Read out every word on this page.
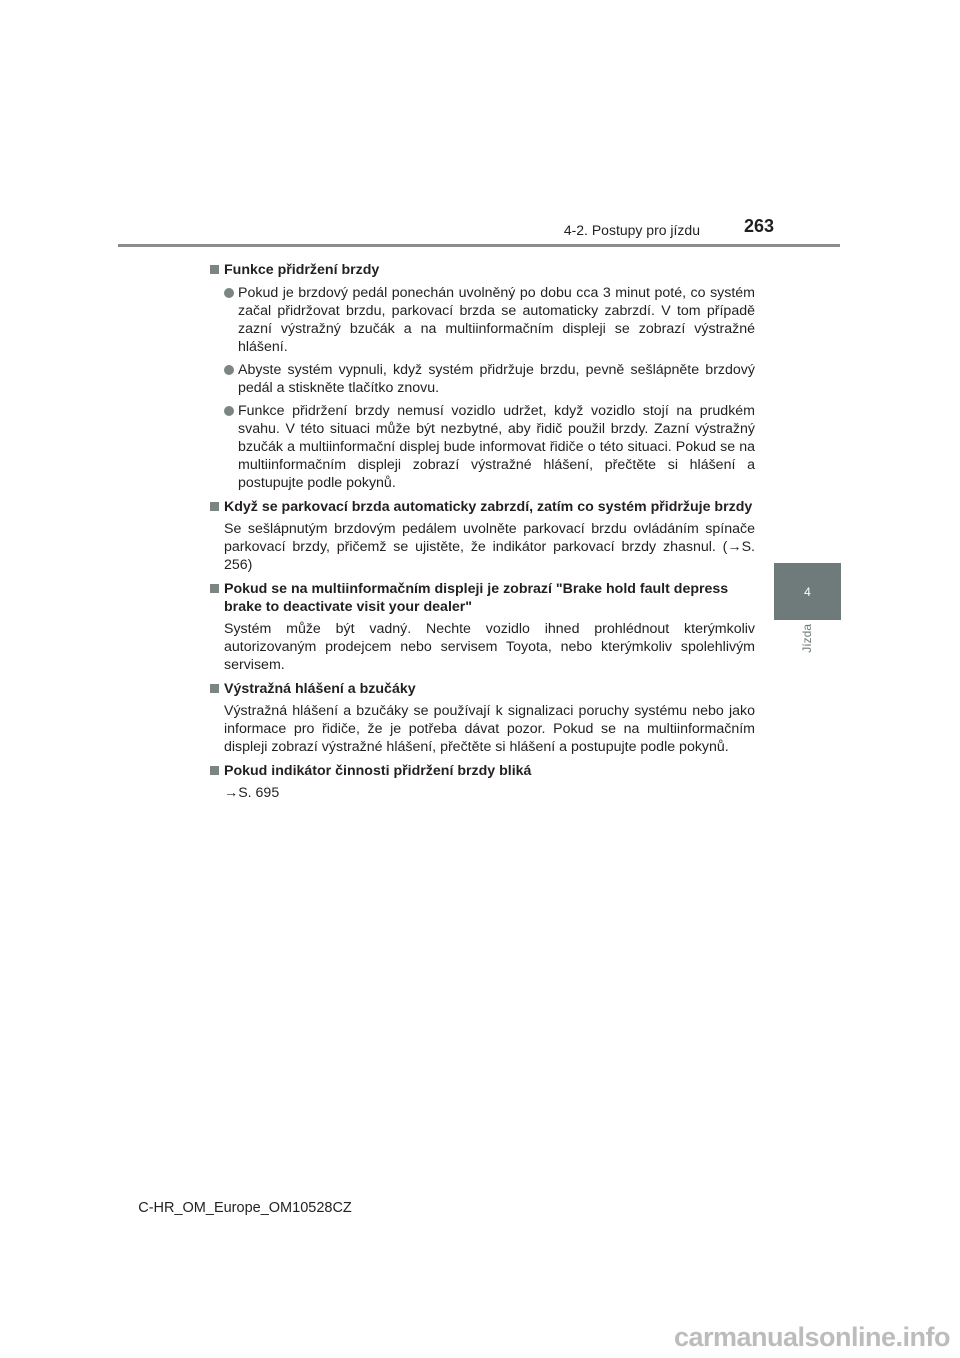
4-2. Postupy pro jízdu	263
4
Jízda
Funkce přidržení brzdy
Pokud je brzdový pedál ponechán uvolněný po dobu cca 3 minut poté, co systém začal přidržovat brzdu, parkovací brzda se automaticky zabrzdí. V tom případě zazní výstražný bzučák a na multiinformačním displeji se zobrazí výstražné hlášení.
Abyste systém vypnuli, když systém přidržuje brzdu, pevně sešlápněte brzdový pedál a stiskněte tlačítko znovu.
Funkce přidržení brzdy nemusí vozidlo udržet, když vozidlo stojí na prudkém svahu. V této situaci může být nezbytné, aby řidič použil brzdy. Zazní výstražný bzučák a multiinformační displej bude informovat řidiče o této situaci. Pokud se na multiinformačním displeji zobrazí výstražné hlášení, přečtěte si hlášení a postupujte podle pokynů.
Když se parkovací brzda automaticky zabrzdí, zatím co systém přidržuje brzdy
Se sešlápnutým brzdovým pedálem uvolněte parkovací brzdu ovládáním spínače parkovací brzdy, přičemž se ujistěte, že indikátor parkovací brzdy zhasnul. (→S. 256)
Pokud se na multiinformačním displeji je zobrazí "Brake hold fault depress brake to deactivate visit your dealer"
Systém může být vadný. Nechte vozidlo ihned prohlédnout kterýmkoliv autorizovaným prodejcem nebo servisem Toyota, nebo kterýmkoliv spolehlivým servisem.
Výstražná hlášení a bzučáky
Výstražná hlášení a bzučáky se používají k signalizaci poruchy systému nebo jako informace pro řidiče, že je potřeba dávat pozor. Pokud se na multiinformačním displeji zobrazí výstražné hlášení, přečtěte si hlášení a postupujte podle pokynů.
Pokud indikátor činnosti přidržení brzdy bliká
→S. 695
C-HR_OM_Europe_OM10528CZ
carmanualsonline.info
